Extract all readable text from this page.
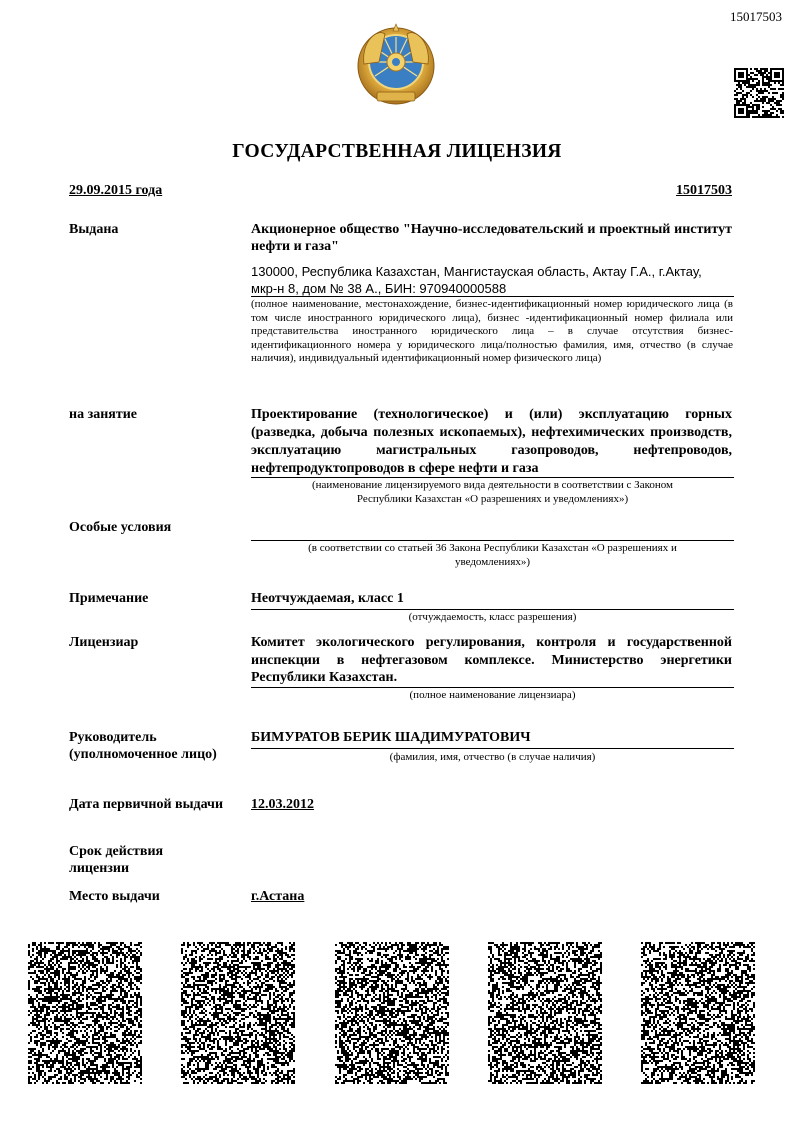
15017503
ГОСУДАРСТВЕННАЯ ЛИЦЕНЗИЯ
29.09.2015 года	15017503
Выдана	Акционерное общество "Научно-исследовательский и проектный институт нефти и газа"
130000, Республика Казахстан, Мангистауская область, Актау Г.А., г.Актау, мкр-н 8, дом № 38 А., БИН: 970940000588
(полное наименование, местонахождение, бизнес-идентификационный номер юридического лица (в том числе иностранного юридического лица), бизнес -идентификационный номер филиала или представительства иностранного юридического лица – в случае отсутствия бизнес-идентификационного номера у юридического лица/полностью фамилия, имя, отчество (в случае наличия), индивидуальный идентификационный номер физического лица)
на занятие	Проектирование (технологическое) и (или) эксплуатацию горных (разведка, добыча полезных ископаемых), нефтехимических производств, эксплуатацию магистральных газопроводов, нефтепроводов, нефтепродуктопроводов в сфере нефти и газа
(наименование лицензируемого вида деятельности в соответствии с Законом Республики Казахстан «О разрешениях и уведомлениях»)
Особые условия
(в соответствии со статьей 36 Закона Республики Казахстан «О разрешениях и уведомлениях»)
Примечание	Неотчуждаемая, класс 1
(отчуждаемость, класс разрешения)
Лицензиар	Комитет экологического регулирования, контроля и государственной инспекции в нефтегазовом комплексе. Министерство энергетики Республики Казахстан.
(полное наименование лицензиара)
Руководитель
(уполномоченное лицо)
БИМУРАТОВ БЕРИК ШАДИМУРАТОВИЧ
(фамилия, имя, отчество (в случае наличия)
Дата первичной выдачи 12.03.2012
Срок действия
лицензии
Место выдачи	г.Астана
